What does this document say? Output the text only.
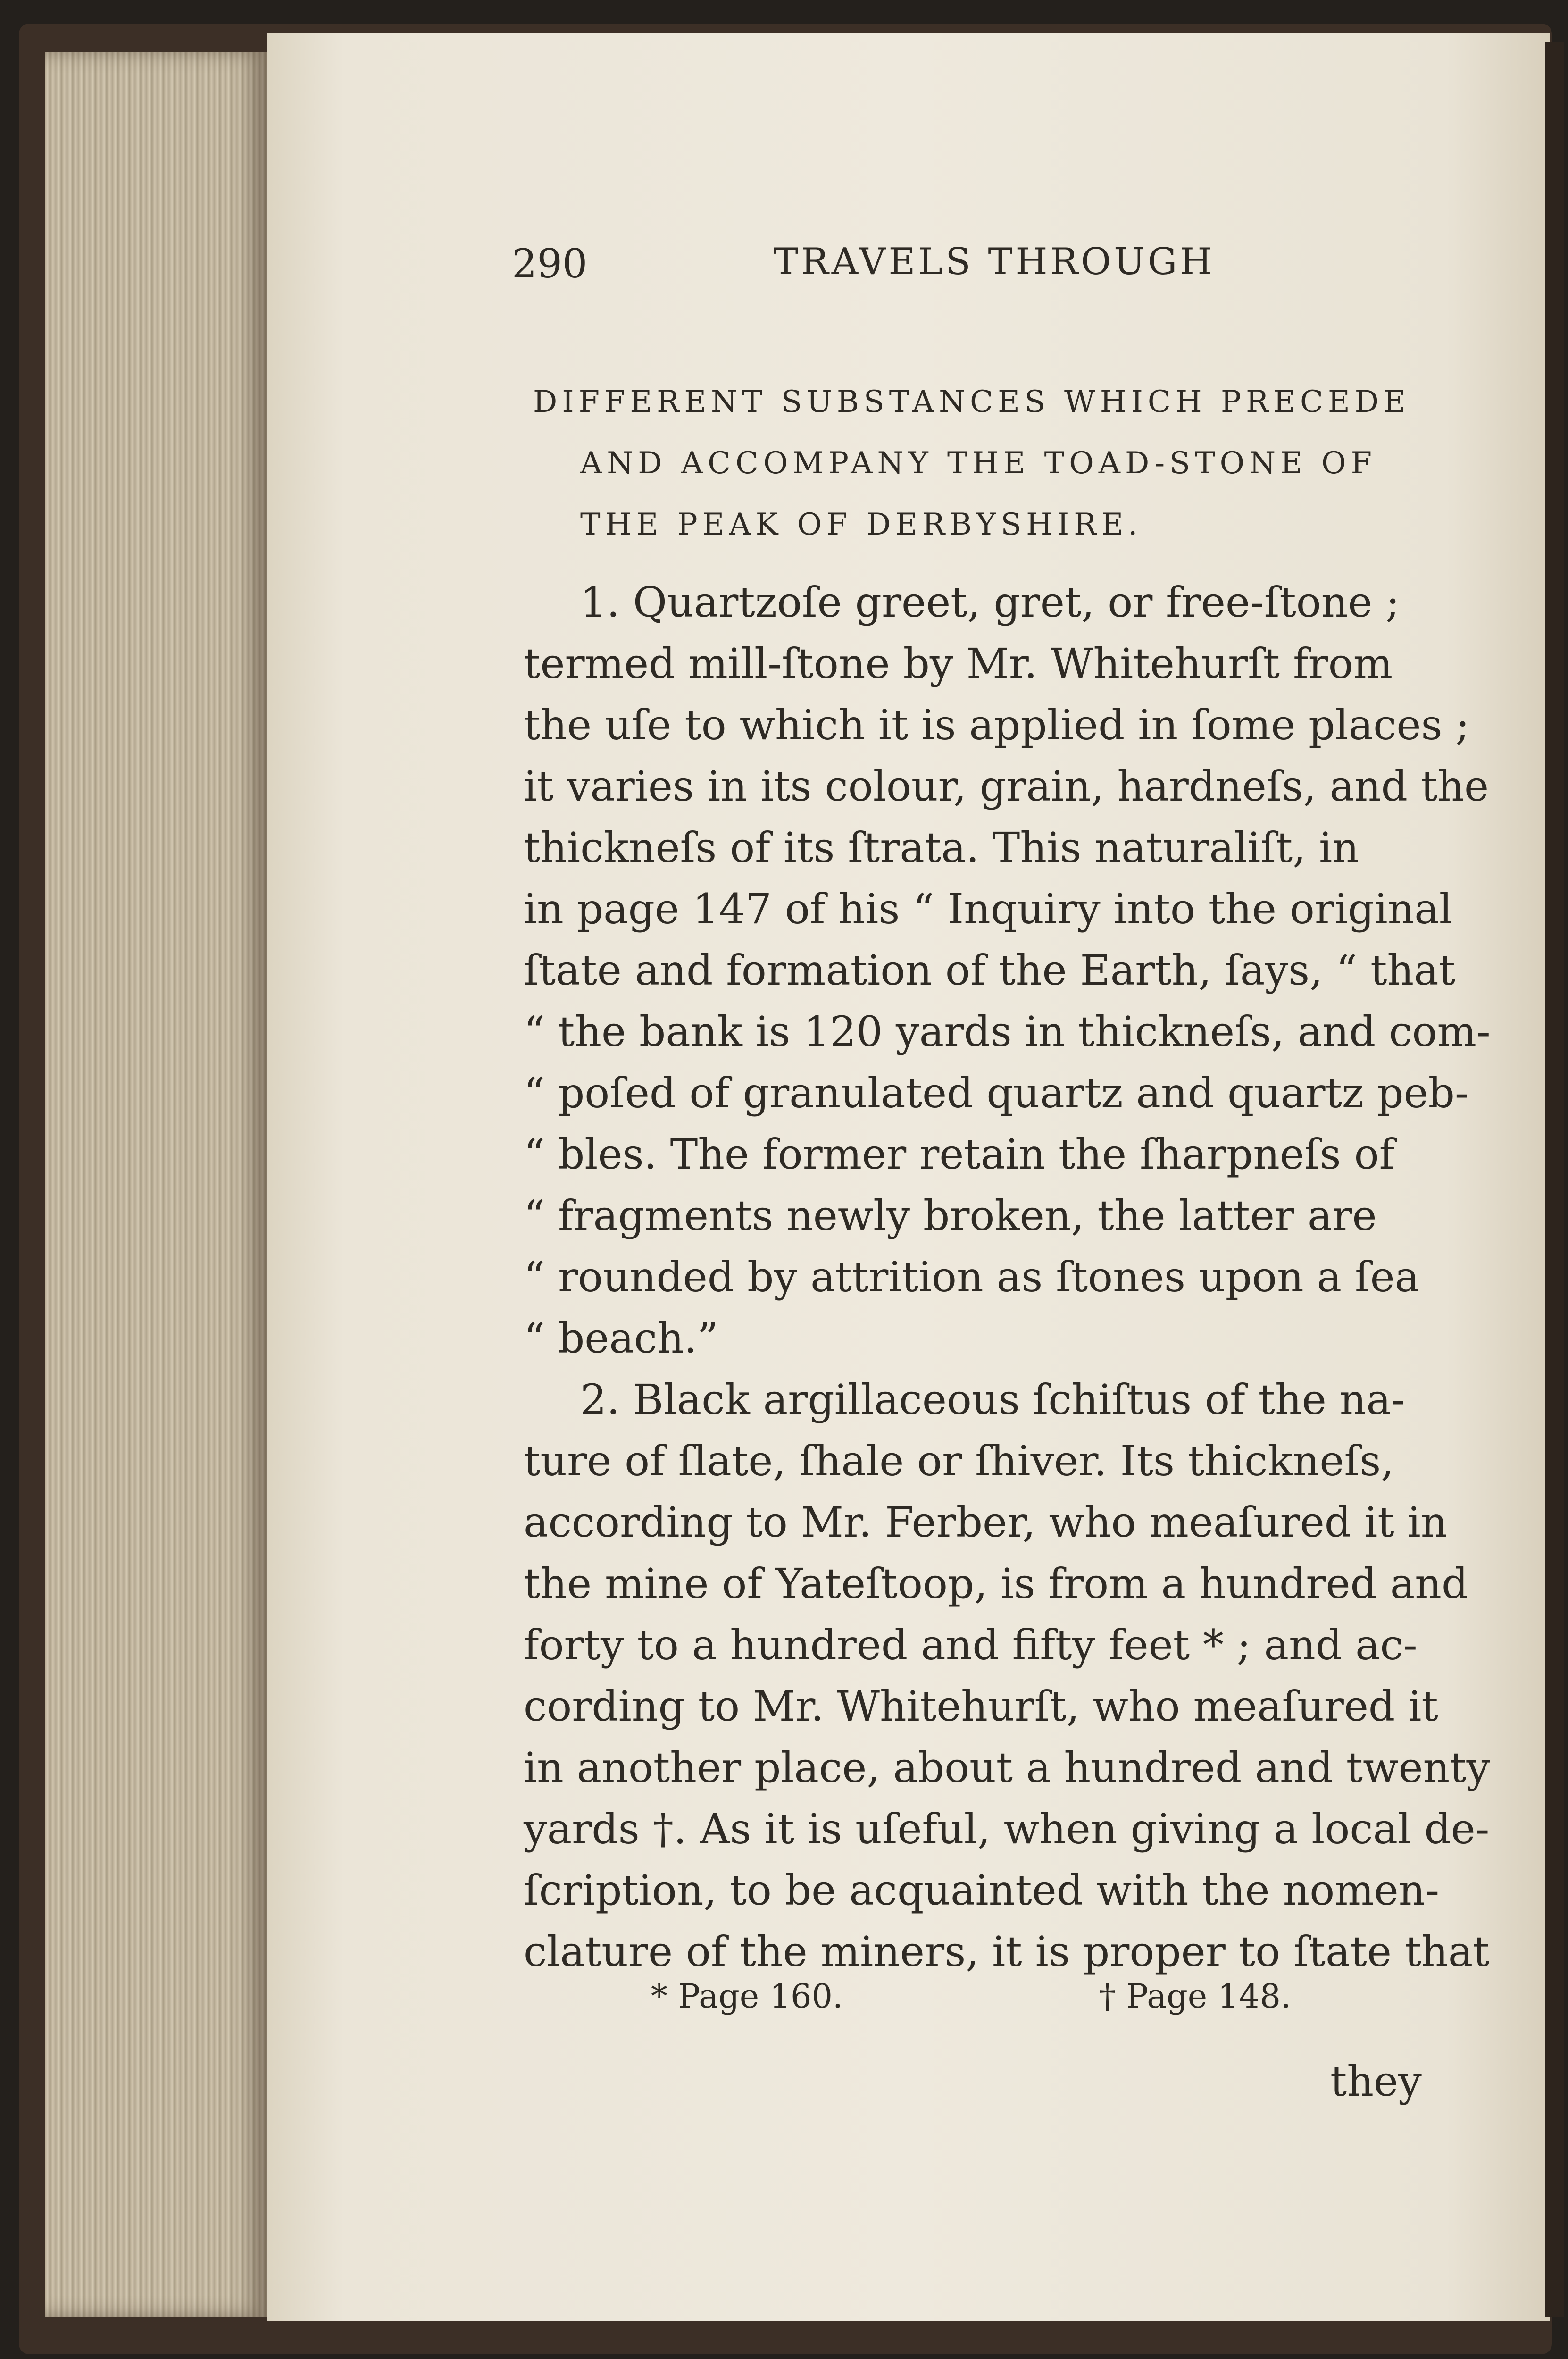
290	TRAVELS THROUGH
DIFFERENT SUBSTANCES WHICH PRECEDE
AND ACCOMPANY THE TOAD-STONE OF
THE PEAK OF DERBYSHIRE.
1. Quartzoſe greet, gret, or free-ſtone ;
termed mill-ſtone by Mr. Whitehurſt from
the uſe to which it is applied in ſome places ;
it varies in its colour, grain, hardneſs, and the
thickneſs of its ſtrata. This naturaliſt, in
in page 147 of his “ Inquiry into the original
ſtate and formation of the Earth, ſays, “ that
“ the bank is 120 yards in thickneſs, and com-
“ poſed of granulated quartz and quartz peb-
“ bles. The former retain the ſharpneſs of
“ fragments newly broken, the latter are
“ rounded by attrition as ſtones upon a ſea
“ beach.”
2. Black argillaceous ſchiſtus of the na-
ture of ſlate, ſhale or ſhiver. Its thickneſs,
according to Mr. Ferber, who meaſured it in
the mine of Yateſtoop, is from a hundred and
forty to a hundred and fifty feet * ; and ac-
cording to Mr. Whitehurſt, who meaſured it
in another place, about a hundred and twenty
yards †. As it is uſeful, when giving a local de-
ſcription, to be acquainted with the nomen-
clature of the miners, it is proper to ſtate that
* Page 160.	† Page 148.
they
